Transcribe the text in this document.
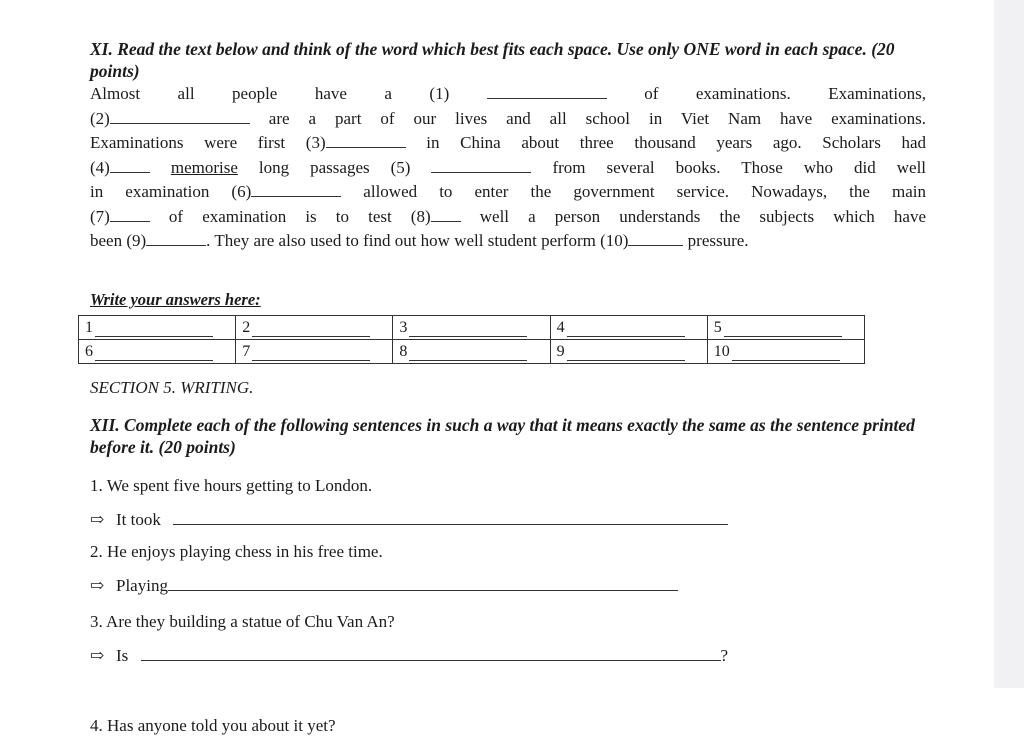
XI. Read the text below and think of the word which best fits each space. Use only ONE word in each space. (20 points)

Almost all people have a (1)	of examinations. Examinations,

(2)	are a part of our lives and all school in Viet Nam have examinations.

Examinations were first (3)	in China about three thousand years ago. Scholars had

(4)	memorise long passages (5)	from several books. Those who did well

in examination (6)	allowed to enter the government service. Nowadays, the main

(7) of examination is to test (8) well a person understands the subjects which have

been (9)	. They are also used to find out how well student perform (10)	pressure.

Write your answers here:
1	2	3	4	5
6	7	8	9	10
SECTION 5. WRITING.

XII. Complete each of the following sentences in such a way that it means exactly the same as the sentence printed before it. (20 points)

1. We spent five hours getting to London.
⇨ It took
2. He enjoys playing chess in his free time.
⇨ Playing
3. Are they building a statue of Chu Van An?
⇨ Is	?
4. Has anyone told you about it yet?
